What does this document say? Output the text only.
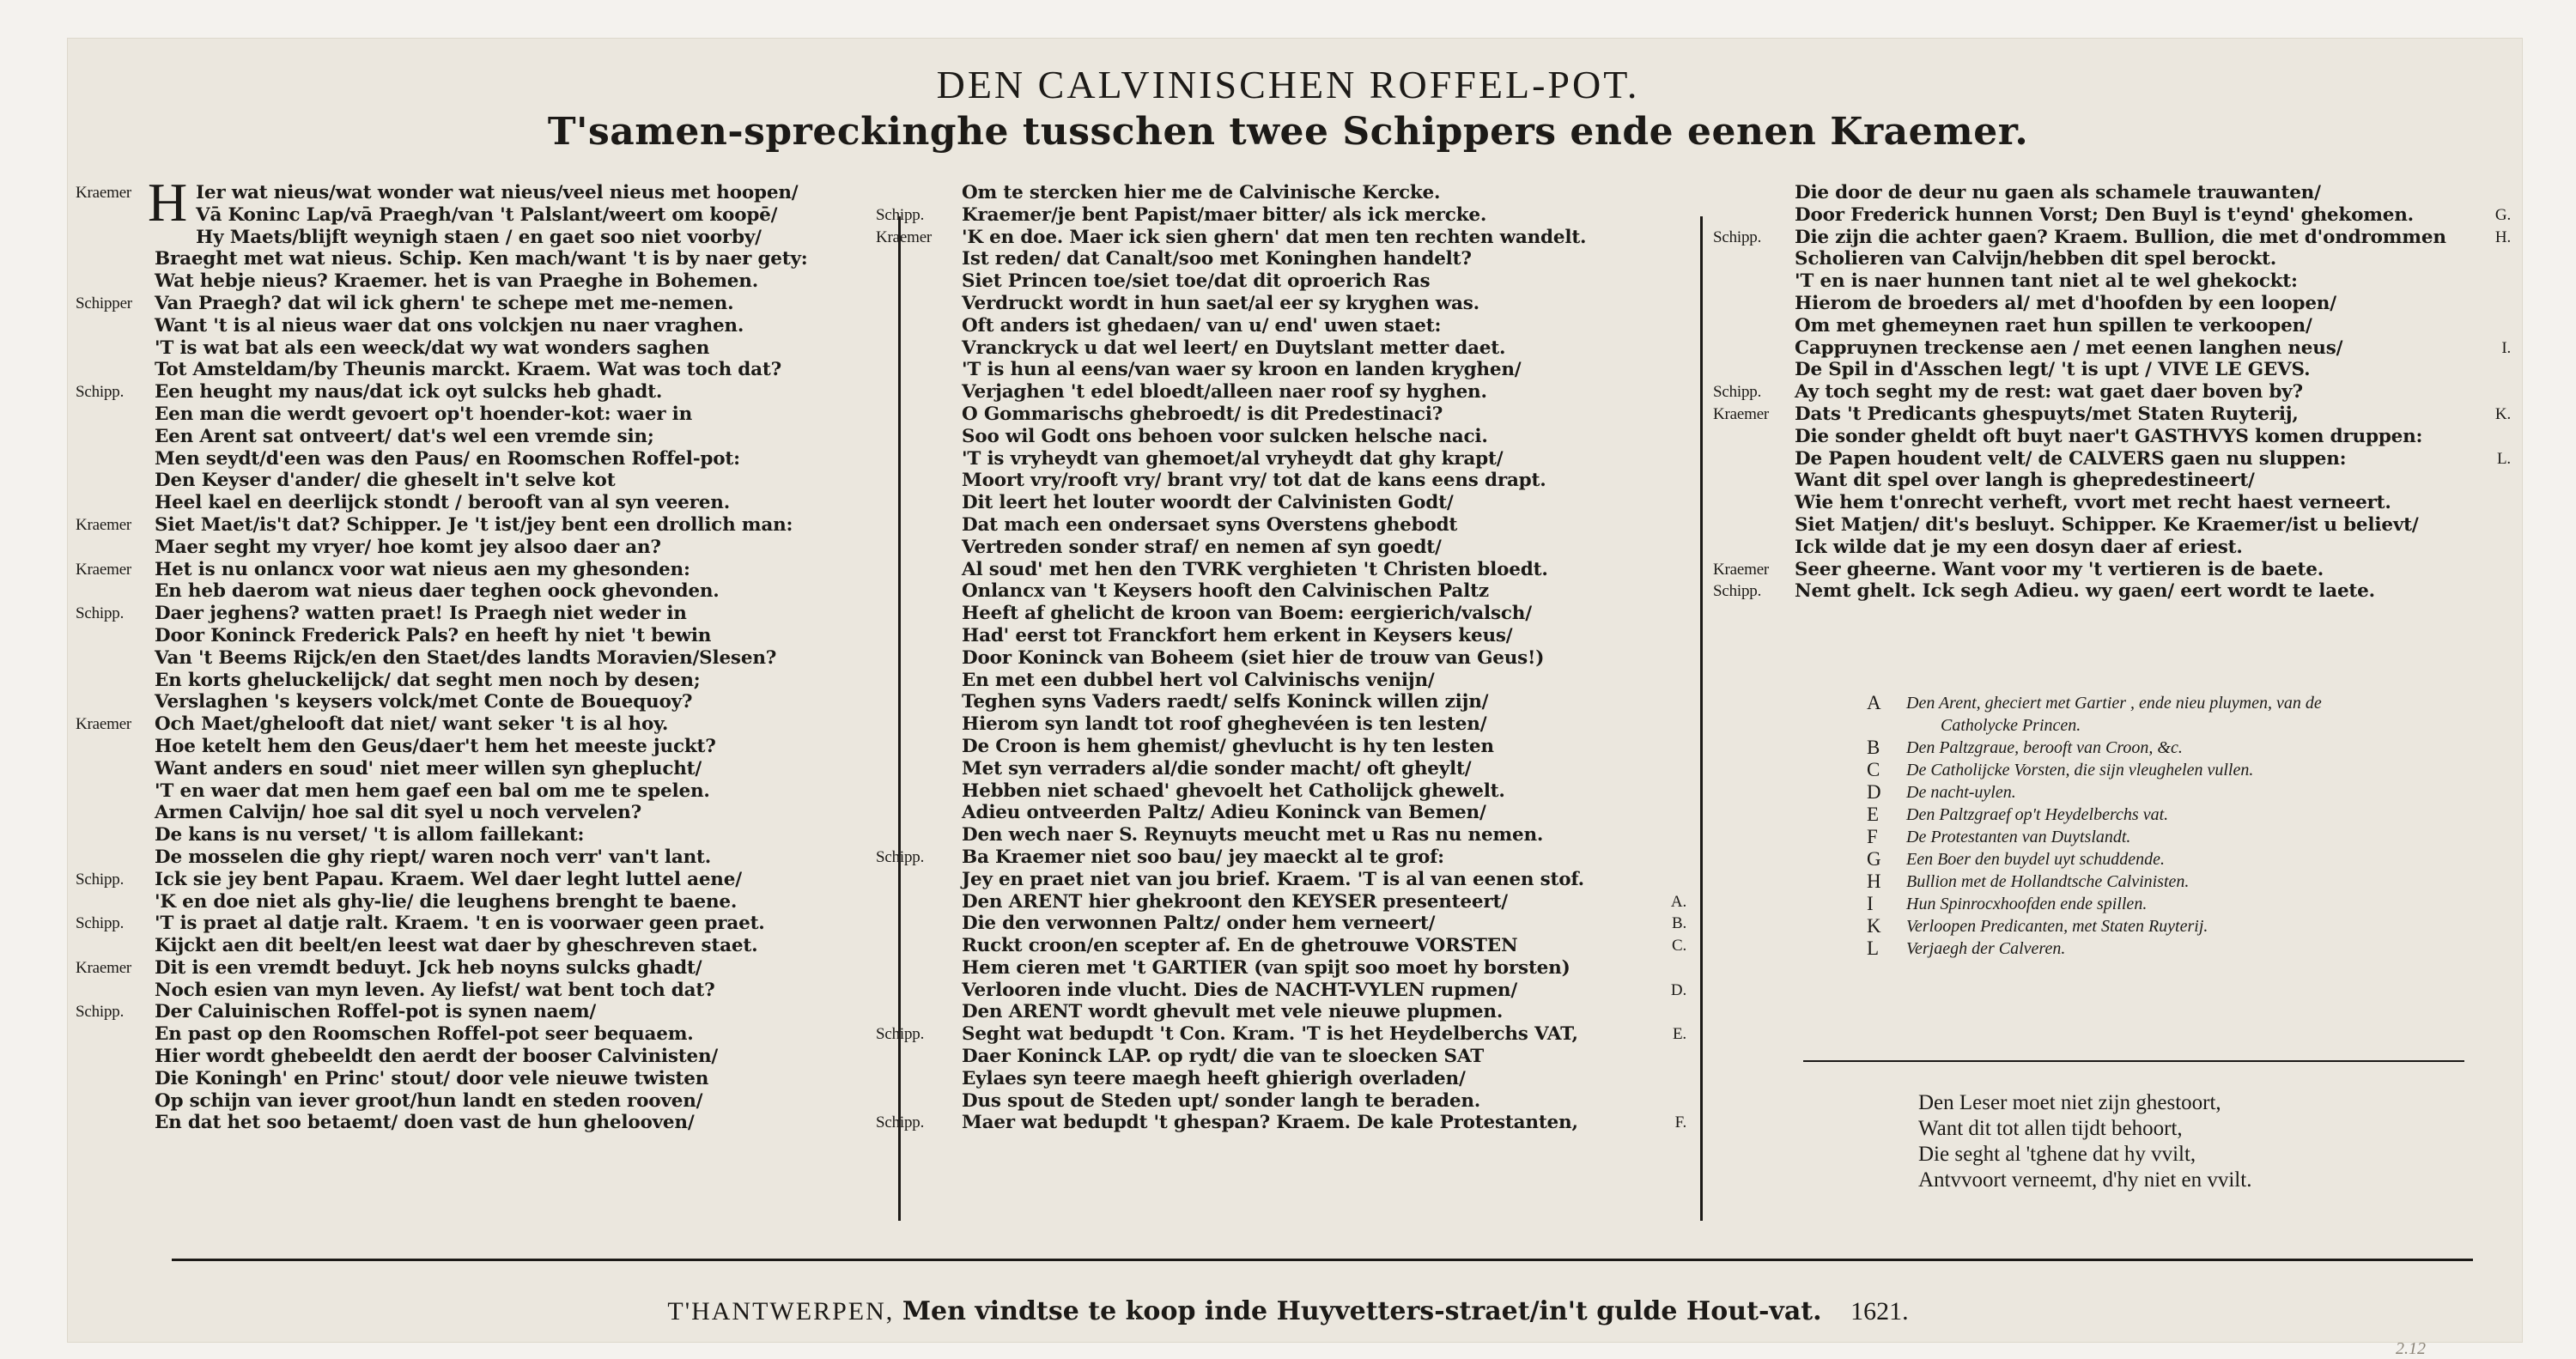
DEN CALVINISCHEN ROFFEL-POT.
T'samen-spreckinghe tusschen twee Schippers ende eenen Kraemer.
H
Kraemer	Ier wat nieus/wat wonder wat nieus/veel nieus met hoopen/
Vā Koninc Lap/vā Praegh/van 't Palslant/weert om koopē/
Hy Maets/blijft weynigh staen / en gaet soo niet voorby/
Braeght met wat nieus. Schip. Ken mach/want 't is by naer gety:
Wat hebje nieus? Kraemer. het is van Praeghe in Bohemen.
Schipper	Van Praegh? dat wil ick ghern' te schepe met me-nemen.
Want 't is al nieus waer dat ons volckjen nu naer vraghen.
'T is wat bat als een weeck/dat wy wat wonders saghen
Tot Amsteldam/by Theunis marckt. Kraem. Wat was toch dat?
Schipp.	Een heught my naus/dat ick oyt sulcks heb ghadt.
Een man die werdt gevoert op't hoender-kot: waer in
Een Arent sat ontveert/ dat's wel een vremde sin;
Men seydt/d'een was den Paus/ en Roomschen Roffel-pot:
Den Keyser d'ander/ die gheselt in't selve kot
Heel kael en deerlijck stondt / berooft van al syn veeren.
Kraemer	Siet Maet/is't dat? Schipper. Je 't ist/jey bent een drollich man:
Maer seght my vryer/ hoe komt jey alsoo daer an?
Kraemer	Het is nu onlancx voor wat nieus aen my ghesonden:
En heb daerom wat nieus daer teghen oock ghevonden.
Schipp.	Daer jeghens? watten praet! Is Praegh niet weder in
Door Koninck Frederick Pals? en heeft hy niet 't bewin
Van 't Beems Rijck/en den Staet/des landts Moravien/Slesen?
En korts gheluckelijck/ dat seght men noch by desen;
Verslaghen 's keysers volck/met Conte de Bouequoy?
Kraemer	Och Maet/ghelooft dat niet/ want seker 't is al hoy.
Hoe ketelt hem den Geus/daer't hem het meeste juckt?
Want anders en soud' niet meer willen syn gheplucht/
'T en waer dat men hem gaef een bal om me te spelen.
Armen Calvijn/ hoe sal dit syel u noch vervelen?
De kans is nu verset/ 't is allom faillekant:
De mosselen die ghy riept/ waren noch verr' van't lant.
Schipp.	Ick sie jey bent Papau. Kraem. Wel daer leght luttel aene/
'K en doe niet als ghy-lie/ die leughens brenght te baene.
Schipp.	'T is praet al datje ralt. Kraem. 't en is voorwaer geen praet.
Kijckt aen dit beelt/en leest wat daer by gheschreven staet.
Kraemer	Dit is een vremdt beduyt. Jck heb noyns sulcks ghadt/
Noch esien van myn leven. Ay liefst/ wat bent toch dat?
Schipp.	Der Caluinischen Roffel-pot is synen naem/
En past op den Roomschen Roffel-pot seer bequaem.
Hier wordt ghebeeldt den aerdt der booser Calvinisten/
Die Koningh' en Princ' stout/ door vele nieuwe twisten
Op schijn van iever groot/hun landt en steden rooven/
En dat het soo betaemt/ doen vast de hun ghelooven/
Om te stercken hier me de Calvinische Kercke.
Schipp.	Kraemer/je bent Papist/maer bitter/ als ick mercke.
Kraemer	'K en doe. Maer ick sien ghern' dat men ten rechten wandelt.
Ist reden/ dat Canalt/soo met Koninghen handelt?
Siet Princen toe/siet toe/dat dit oproerich Ras
Verdruckt wordt in hun saet/al eer sy kryghen was.
Oft anders ist ghedaen/ van u/ end' uwen staet:
Vranckryck u dat wel leert/ en Duytslant metter daet.
'T is hun al eens/van waer sy kroon en landen kryghen/
Verjaghen 't edel bloedt/alleen naer roof sy hyghen.
O Gommarischs ghebroedt/ is dit Predestinaci?
Soo wil Godt ons behoen voor sulcken helsche naci.
'T is vryheydt van ghemoet/al vryheydt dat ghy krapt/
Moort vry/rooft vry/ brant vry/ tot dat de kans eens drapt.
Dit leert het louter woordt der Calvinisten Godt/
Dat mach een ondersaet syns Overstens ghebodt
Vertreden sonder straf/ en nemen af syn goedt/
Al soud' met hen den TVRK verghieten 't Christen bloedt.
Onlancx van 't Keysers hooft den Calvinischen Paltz
Heeft af ghelicht de kroon van Boem: eergierich/valsch/
Had' eerst tot Franckfort hem erkent in Keysers keus/
Door Koninck van Boheem (siet hier de trouw van Geus!)
En met een dubbel hert vol Calvinischs venijn/
Teghen syns Vaders raedt/ selfs Koninck willen zijn/
Hierom syn landt tot roof gheghevéen is ten lesten/
De Croon is hem ghemist/ ghevlucht is hy ten lesten
Met syn verraders al/die sonder macht/ oft gheylt/
Hebben niet schaed' ghevoelt het Catholijck ghewelt.
Adieu ontveerden Paltz/ Adieu Koninck van Bemen/
Den wech naer S. Reynuyts meucht met u Ras nu nemen.
Schipp.	Ba Kraemer niet soo bau/ jey maeckt al te grof:
Jey en praet niet van jou brief. Kraem. 'T is al van eenen stof.
Den ARENT hier ghekroont den KEYSER presenteert/	A.
Die den verwonnen Paltz/ onder hem verneert/	B.
Ruckt croon/en scepter af. En de ghetrouwe VORSTEN	C.
Hem cieren met 't GARTIER (van spijt soo moet hy borsten)
Verlooren inde vlucht. Dies de NACHT-VYLEN rupmen/	D.
Den ARENT wordt ghevult met vele nieuwe plupmen.
Schipp.	Seght wat bedupdt 't Con. Kram. 'T is het Heydelberchs VAT,	E.
Daer Koninck LAP. op rydt/ die van te sloecken SAT
Eylaes syn teere maegh heeft ghierigh overladen/
Dus spout de Steden upt/ sonder langh te beraden.
Schipp.	Maer wat bedupdt 't ghespan? Kraem. De kale Protestanten,	F.
Die door de deur nu gaen als schamele trauwanten/
Door Frederick hunnen Vorst; Den Buyl is t'eynd' ghekomen.	G.
Schipp.	Die zijn die achter gaen? Kraem. Bullion, die met d'ondrommen	H.
Scholieren van Calvijn/hebben dit spel berockt.
'T en is naer hunnen tant niet al te wel ghekockt:
Hierom de broeders al/ met d'hoofden by een loopen/
Om met ghemeynen raet hun spillen te verkoopen/
Cappruynen treckense aen / met eenen langhen neus/	I.
De Spil in d'Asschen legt/ 't is upt / VIVE LE GEVS.
Schipp.	Ay toch seght my de rest: wat gaet daer boven by?
Kraemer	Dats 't Predicants ghespuyts/met Staten Ruyterij,	K.
Die sonder gheldt oft buyt naer't GASTHVYS komen druppen:
De Papen houdent velt/ de CALVERS gaen nu sluppen:	L.
Want dit spel over langh is ghepredestineert/
Wie hem t'onrecht verheft, vvort met recht haest verneert.
Siet Matjen/ dit's besluyt. Schipper. Ke Kraemer/ist u believt/
Ick wilde dat je my een dosyn daer af eriest.
Kraemer	Seer gheerne. Want voor my 't vertieren is de baete.
Schipp.	Nemt ghelt. Ick segh Adieu. wy gaen/ eert wordt te laete.
A Den Arent, gheciert met Gartier , ende nieu pluymen, van de
Catholycke Princen.
B Den Paltzgraue, berooft van Croon, &c.
C De Catholijcke Vorsten, die sijn vleughelen vullen.
D De nacht-uylen.
E Den Paltzgraef op't Heydelberchs vat.
F De Protestanten van Duytslandt.
G Een Boer den buydel uyt schuddende.
H Bullion met de Hollandtsche Calvinisten.
I Hun Spinrocxhoofden ende spillen.
K Verloopen Predicanten, met Staten Ruyterij.
L Verjaegh der Calveren.
Den Leser moet niet zijn ghestoort,
Want dit tot allen tijdt behoort,
Die seght al 'tghene dat hy vvilt,
Antvvoort verneemt, d'hy niet en vvilt.
T'HANTWERPEN, Men vindtse te koop inde Huyvetters-straet/in't gulde Hout-vat. 1621.
2.12
